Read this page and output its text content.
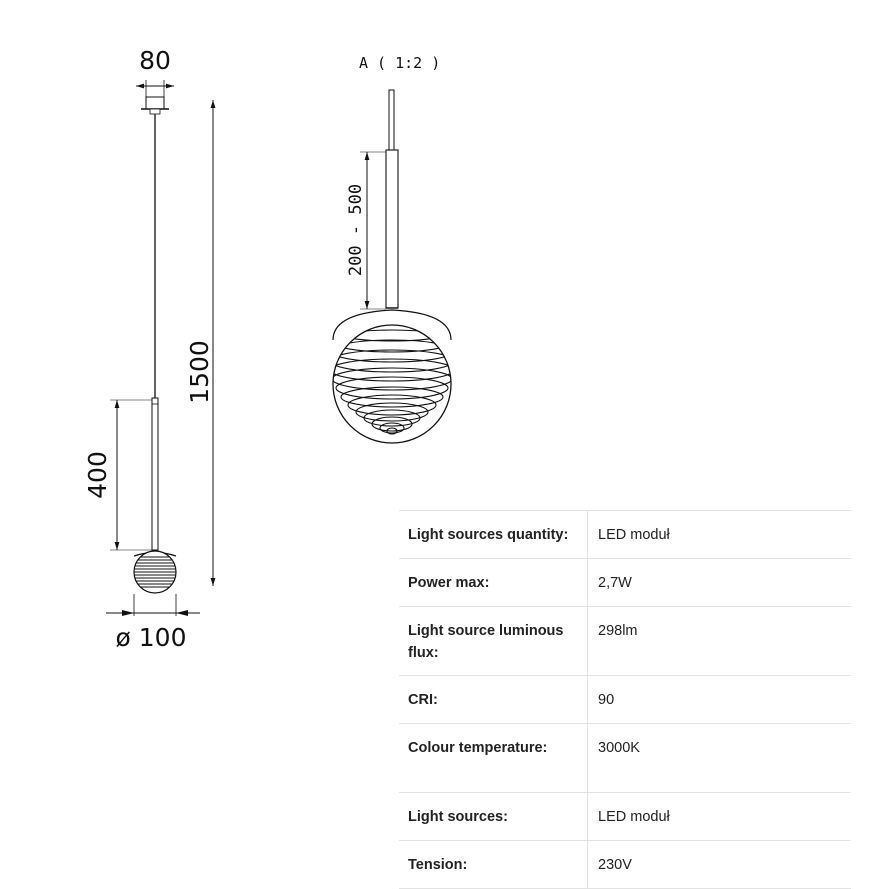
80
1500
400
ø 100
A ( 1:2 )
200 - 500
Light sources quantity:	LED moduł
Power max:	2,7W
Light source luminous flux:	298lm
CRI:	90
Colour temperature:	3000K
Light sources:	LED moduł
Tension:	230V
